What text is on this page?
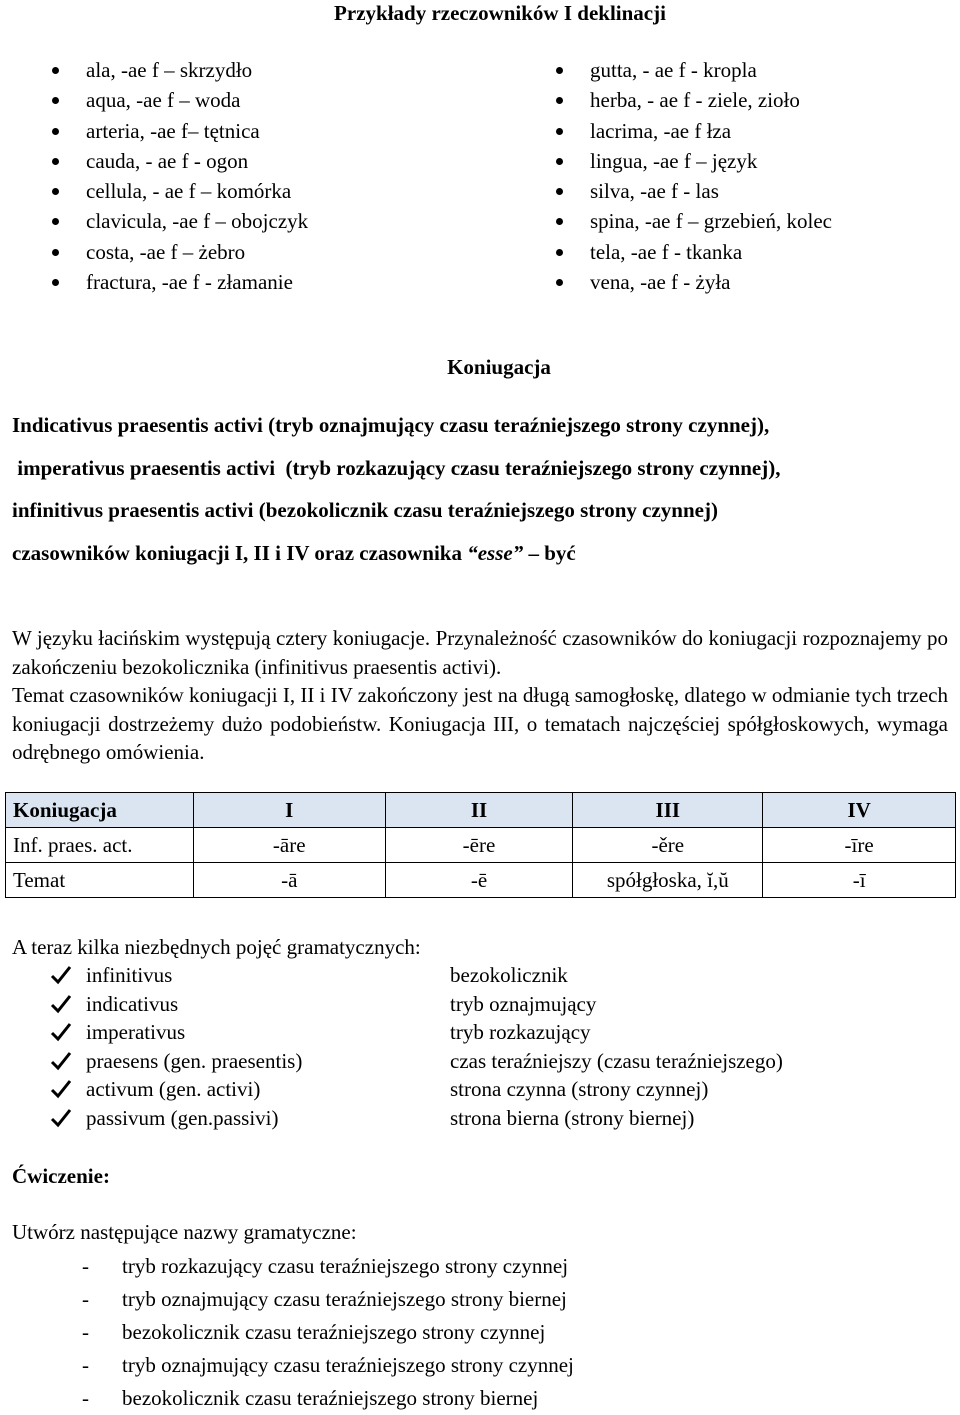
Przykłady rzeczowników I deklinacji
ala, -ae f – skrzydło
aqua, -ae f – woda
arteria, -ae f– tętnica
cauda, - ae f - ogon
cellula, - ae f – komórka
clavicula, -ae f – obojczyk
costa, -ae f – żebro
fractura, -ae f - złamanie
gutta, - ae f - kropla
herba, - ae f - ziele, zioło
lacrima, -ae f łza
lingua, -ae f – język
silva, -ae f - las
spina, -ae f – grzebień, kolec
tela, -ae f - tkanka
vena, -ae f - żyła
Koniugacja
Indicativus praesentis activi (tryb oznajmujący czasu teraźniejszego strony czynnej),
imperativus praesentis activi  (tryb rozkazujący czasu teraźniejszego strony czynnej),
infinitivus praesentis activi (bezokolicznik czasu teraźniejszego strony czynnej)
czasowników koniugacji I, II i IV oraz czasownika “esse” – być
W języku łacińskim występują cztery koniugacje. Przynależność czasowników do koniugacji rozpoznajemy po zakończeniu bezokolicznika (infinitivus praesentis activi).
Temat czasowników koniugacji I, II i IV zakończony jest na długą samogłoskę, dlatego w odmianie tych trzech koniugacji dostrzeżemy dużo podobieństw. Koniugacja III, o tematach najczęściej spółgłoskowych, wymaga odrębnego omówienia.
Koniugacja	I	II	III	IV
Inf. praes. act.	-āre	-ēre	-ěre	-īre
Temat	-ā	-ē	spółgłoska, ĭ,ŭ	-ī
A teraz kilka niezbędnych pojęć gramatycznych:
infinitivus	bezokolicznik
indicativus	tryb oznajmujący
imperativus	tryb rozkazujący
praesens (gen. praesentis)	czas teraźniejszy (czasu teraźniejszego)
activum (gen. activi)	strona czynna (strony czynnej)
passivum (gen.passivi)	strona bierna (strony biernej)
Ćwiczenie:
Utwórz następujące nazwy gramatyczne:
- tryb rozkazujący czasu teraźniejszego strony czynnej
- tryb oznajmujący czasu teraźniejszego strony biernej
- bezokolicznik czasu teraźniejszego strony czynnej
- tryb oznajmujący czasu teraźniejszego strony czynnej
- bezokolicznik czasu teraźniejszego strony biernej
